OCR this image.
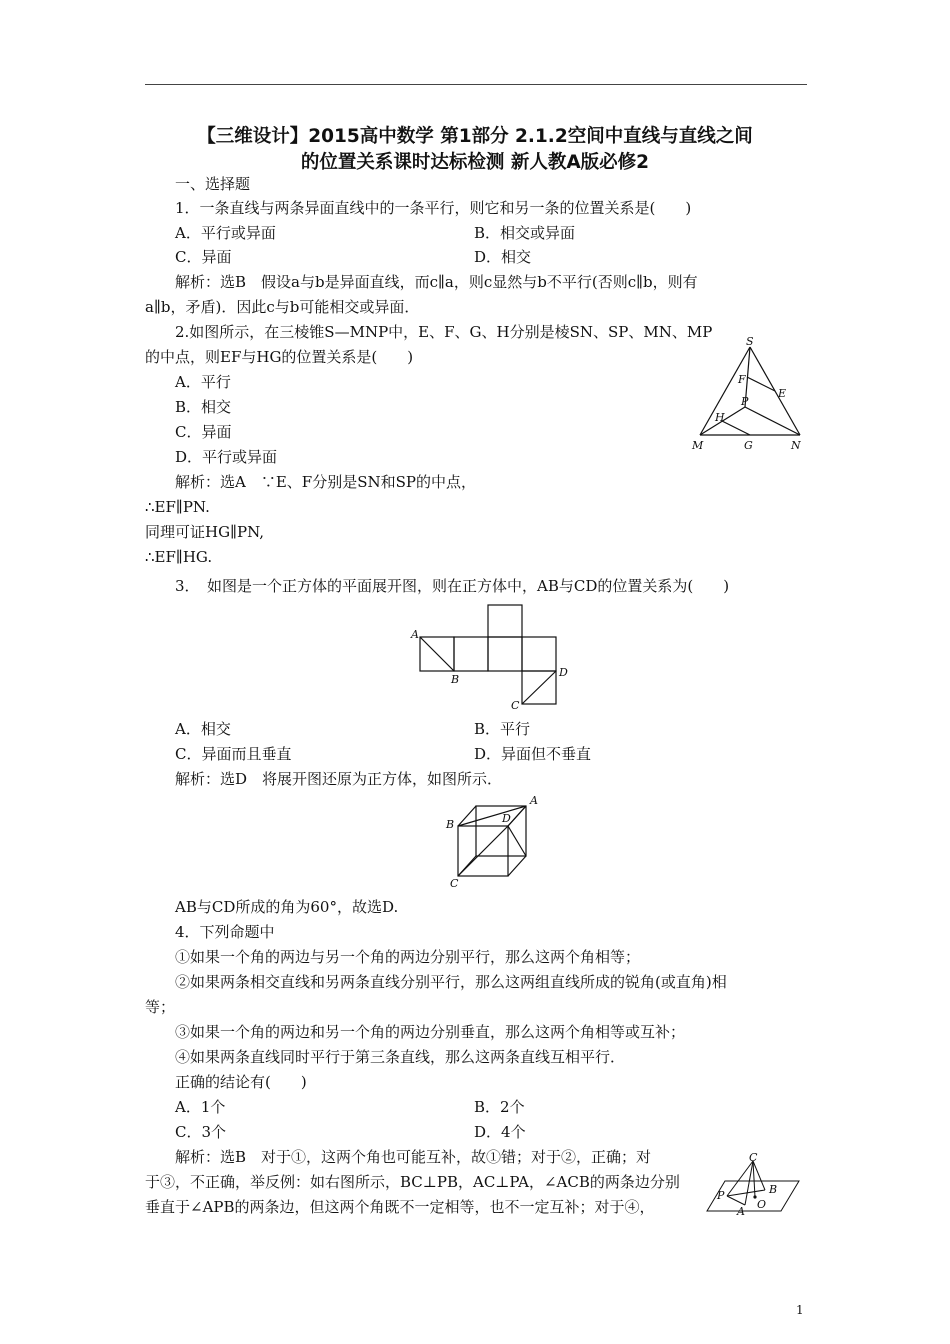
【三维设计】2015高中数学 第1部分 2.1.2空间中直线与直线之间
的位置关系课时达标检测 新人教A版必修2
一、选择题
1．一条直线与两条异面直线中的一条平行，则它和另一条的位置关系是(　　)
A．平行或异面	B．相交或异面
C．异面	D．相交
解析：选B　假设a与b是异面直线，而c∥a，则c显然与b不平行(否则c∥b，则有
a∥b，矛盾)．因此c与b可能相交或异面．
2.如图所示，在三棱锥S—MNP中，E、F、G、H分别是棱SN、SP、MN、MP
的中点，则EF与HG的位置关系是(　　)
A．平行
B．相交
C．异面
D．平行或异面
解析：选A　∵E、F分别是SN和SP的中点，
∴EF∥PN.
同理可证HG∥PN,
∴EF∥HG.
S
F
E
P
H
M	G	N
3．　如图是一个正方体的平面展开图，则在正方体中，AB与CD的位置关系为(　　)
A
B
C
D
A．相交	B．平行
C．异面而且垂直	D．异面但不垂直
解析：选D　将展开图还原为正方体，如图所示．
A
B
C
D
AB与CD所成的角为60°，故选D.
4．下列命题中
①如果一个角的两边与另一个角的两边分别平行，那么这两个角相等；
②如果两条相交直线和另两条直线分别平行，那么这两组直线所成的锐角(或直角)相
等；
③如果一个角的两边和另一个角的两边分别垂直，那么这两个角相等或互补；
④如果两条直线同时平行于第三条直线，那么这两条直线互相平行．
正确的结论有(　　)
A．1个	B．2个
C．3个	D．4个
解析：选B　对于①，这两个角也可能互补，故①错；对于②，正确；对
于③，不正确，举反例：如右图所示，BC⊥PB，AC⊥PA，∠ACB的两条边分别
垂直于∠APB的两条边，但这两个角既不一定相等，也不一定互补；对于④，
C
B
P
A
O
1
